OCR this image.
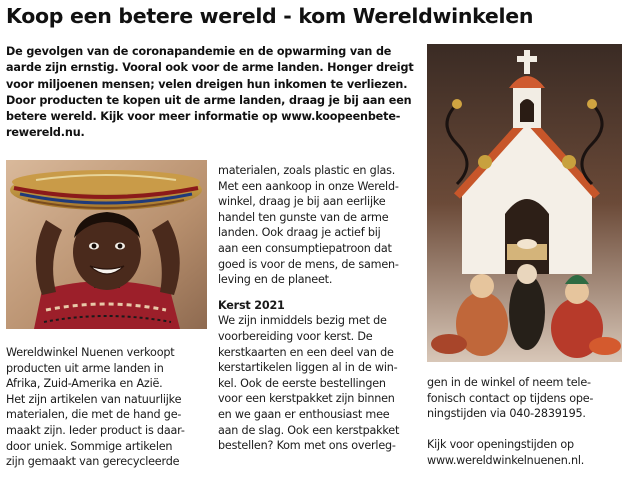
Koop een betere wereld - kom Wereldwinkelen

De gevolgen van de coronapandemie en de opwarming van de

aarde zijn ernstig. Vooral ook voor de arme landen. Honger dreigt

voor miljoenen mensen; velen dreigen hun inkomen te verliezen.

Door producten te kopen uit de arme landen, draag je bij aan een

betere wereld. Kijk voor meer informatie op www.koopeenbete-

rewereld.nu.

Wereldwinkel Nuenen verkoopt

producten uit arme landen in

Afrika, Zuid-Amerika en Azië.

Het zijn artikelen van natuurlijke

materialen, die met de hand ge-

maakt zijn. Ieder product is daar-

door uniek. Sommige artikelen

zijn gemaakt van gerecycleerde

materialen, zoals plastic en glas.

Met een aankoop in onze Wereld-

winkel, draag je bij aan eerlijke

handel ten gunste van de arme

landen. Ook draag je actief bij

aan een consumptiepatroon dat

goed is voor de mens, de samen-

leving en de planeet.

Kerst 2021

We zijn inmiddels bezig met de

voorbereiding voor kerst. De

kerstkaarten en een deel van de

kerstartikelen liggen al in de win-

kel. Ook de eerste bestellingen

voor een kerstpakket zijn binnen

en we gaan er enthousiast mee

aan de slag. Ook een kerstpakket

bestellen? Kom met ons overleg-

gen in de winkel of neem tele-

fonisch contact op tijdens ope-

ningstijden via 040-2839195.

Kijk voor openingstijden op

www.wereldwinkelnuenen.nl.
